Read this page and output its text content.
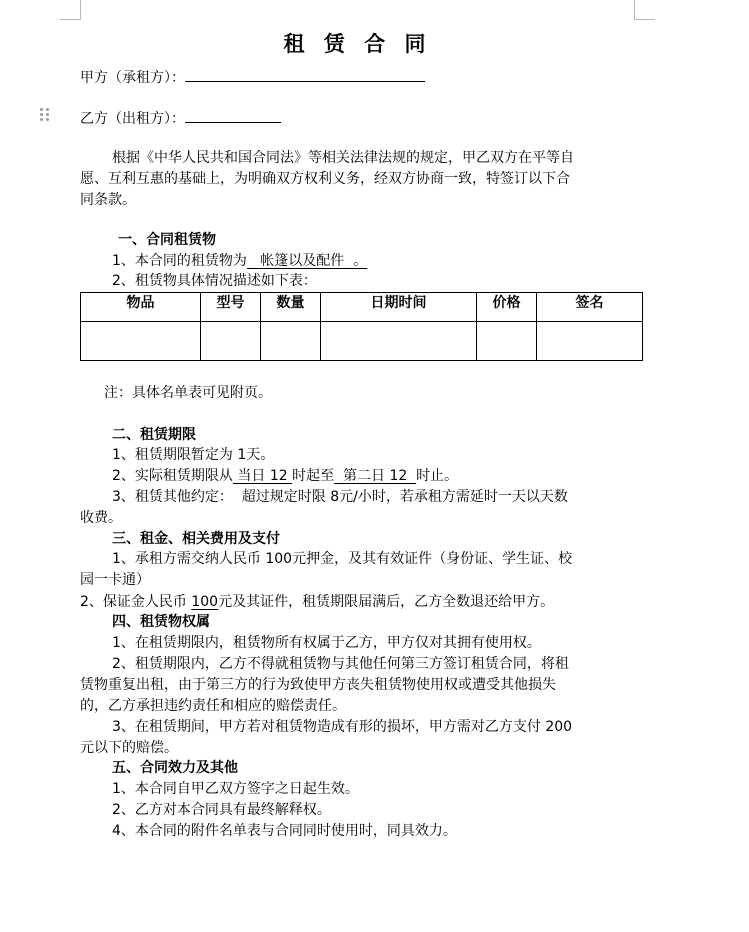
租 赁 合 同
甲方（承租方）：
乙方（出租方）：
根据《中华人民共和国合同法》等相关法律法规的规定，甲乙双方在平等自
愿、互利互惠的基础上，为明确双方权利义务，经双方协商一致，特签订以下合
同条款。
一、合同租赁物
1、本合同的租赁物为   帐篷以及配件  。
2、租赁物具体情况描述如下表：
物品	型号	数量	日期时间	价格	签名

注：具体名单表可见附页。
二、租赁期限
1、租赁期限暂定为 1天。
2、实际租赁期限从 当日 12 时起至  第二日 12  时止。
3、租赁其他约定：  超过规定时限 8元/小时，若承租方需延时一天以天数
收费。
三、租金、相关费用及支付
1、承租方需交纳人民币 100元押金，及其有效证件（身份证、学生证、校
园一卡通）
2、保证金人民币 100元及其证件，租赁期限届满后，乙方全数退还给甲方。
四、租赁物权属
1、在租赁期限内，租赁物所有权属于乙方，甲方仅对其拥有使用权。
2、租赁期限内，乙方不得就租赁物与其他任何第三方签订租赁合同，将租
赁物重复出租，由于第三方的行为致使甲方丧失租赁物使用权或遭受其他损失
的，乙方承担违约责任和相应的赔偿责任。
3、在租赁期间，甲方若对租赁物造成有形的损坏，甲方需对乙方支付 200
元以下的赔偿。
五、合同效力及其他
1、本合同自甲乙双方签字之日起生效。
2、乙方对本合同具有最终解释权。
4、本合同的附件名单表与合同同时使用时，同具效力。
